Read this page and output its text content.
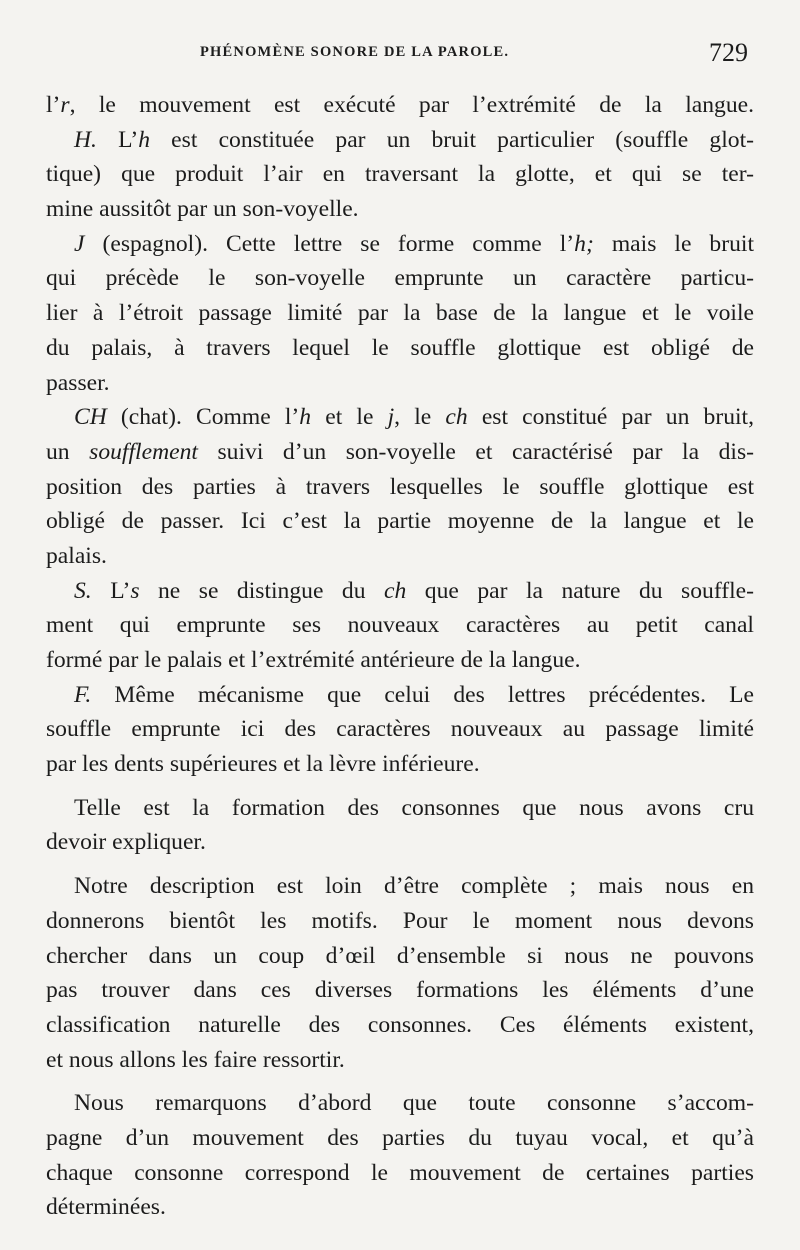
PHÉNOMÈNE SONORE DE LA PAROLE.	729
l’r, le mouvement est exécuté par l’extrémité de la langue.
H. L’h est constituée par un bruit particulier (souffle glot-
tique) que produit l’air en traversant la glotte, et qui se ter-
mine aussitôt par un son-voyelle.
J (espagnol). Cette lettre se forme comme l’h; mais le bruit
qui précède le son-voyelle emprunte un caractère particu-
lier à l’étroit passage limité par la base de la langue et le voile
du palais, à travers lequel le souffle glottique est obligé de
passer.
CH (chat). Comme l’h et le j, le ch est constitué par un bruit,
un soufflement suivi d’un son-voyelle et caractérisé par la dis-
position des parties à travers lesquelles le souffle glottique est
obligé de passer. Ici c’est la partie moyenne de la langue et le
palais.
S. L’s ne se distingue du ch que par la nature du souffle-
ment qui emprunte ses nouveaux caractères au petit canal
formé par le palais et l’extrémité antérieure de la langue.
F. Même mécanisme que celui des lettres précédentes. Le
souffle emprunte ici des caractères nouveaux au passage limité
par les dents supérieures et la lèvre inférieure.
Telle est la formation des consonnes que nous avons cru
devoir expliquer.
Notre description est loin d’être complète ; mais nous en
donnerons bientôt les motifs. Pour le moment nous devons
chercher dans un coup d’œil d’ensemble si nous ne pouvons
pas trouver dans ces diverses formations les éléments d’une
classification naturelle des consonnes. Ces éléments existent,
et nous allons les faire ressortir.
Nous remarquons d’abord que toute consonne s’accom-
pagne d’un mouvement des parties du tuyau vocal, et qu’à
chaque consonne correspond le mouvement de certaines parties
déterminées.
